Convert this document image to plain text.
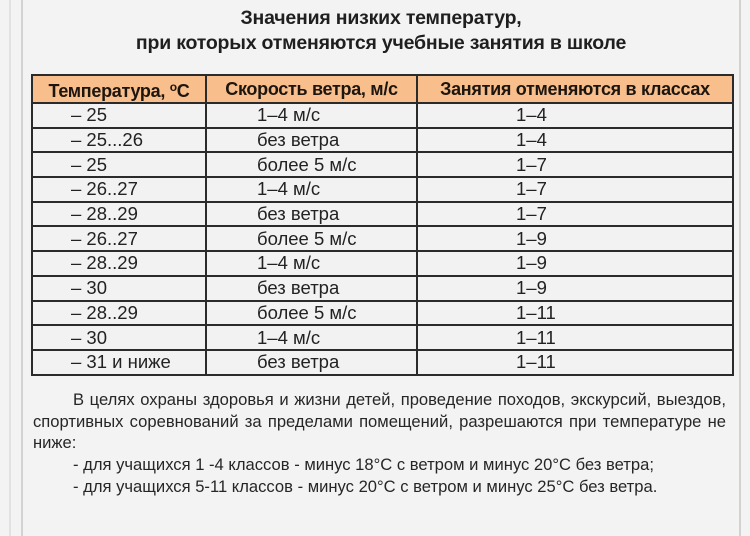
Значения низких температур,
при которых отменяются учебные занятия в школе
Температура, $^о$С	Скорость ветра, м/с	Занятия отменяются в классах
– 25	1–4 м/с	1–4
– 25...26	без ветра	1–4
– 25	более 5 м/с	1–7
– 26..27	1–4 м/с	1–7
– 28..29	без ветра	1–7
– 26..27	более 5 м/с	1–9
– 28..29	1–4 м/с	1–9
– 30	без ветра	1–9
– 28..29	более 5 м/с	1–11
– 30	1–4 м/с	1–11
– 31 и ниже	без ветра	1–11

В целях охраны здоровья и жизни детей, проведение походов, экскурсий, выездов, спортивных соревнований за пределами помещений, разрешаются при температуре не ниже:

- для учащихся 1 -4 классов - минус 18°С с ветром и минус 20°С без ветра;

- для учащихся 5-11 классов - минус 20°С с ветром и минус 25°С без ветра.
